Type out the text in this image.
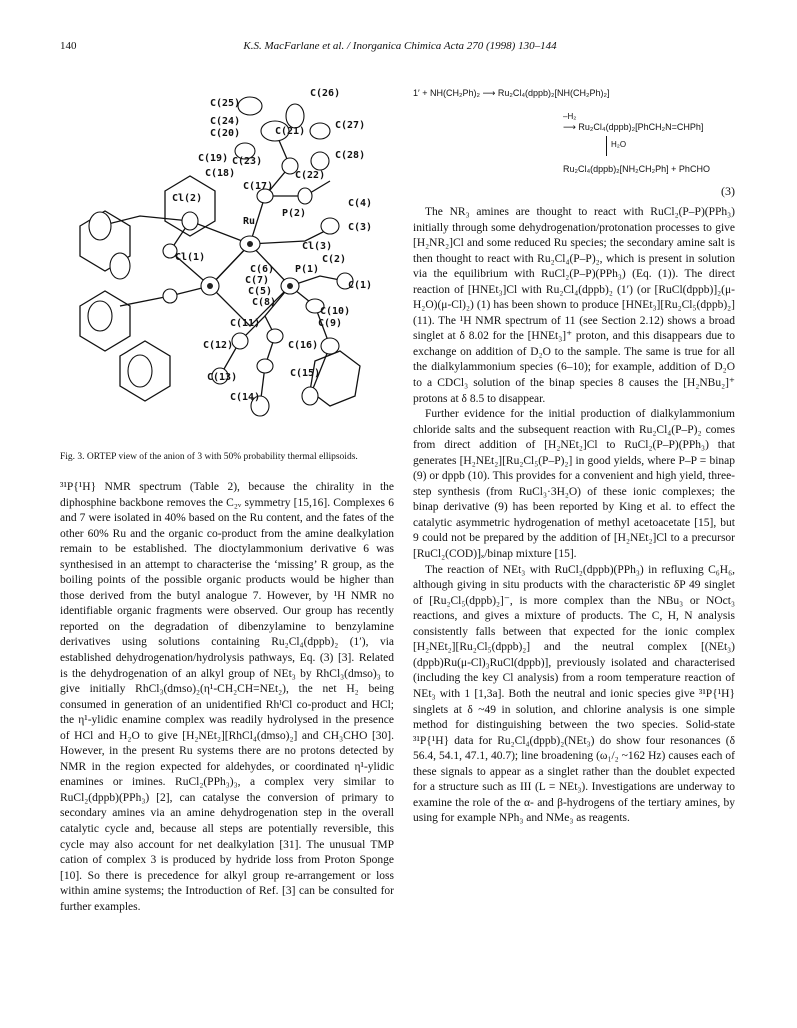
140	K.S. MacFarlane et al. / Inorganica Chimica Acta 270 (1998) 130–144
C(25)
C(26)
C(24)
C(20)	C(21)
C(27)
C(19) C(23)
C(28)
C(18)	C(22)
C(17)
Cl(2)	C(4)
P(2)
C(3)
Ru
Cl(3)
Cl(1)	C(2)
C(6) P(1)
C(7)	C(1)
C(5)
C(8)
C(10)
C(9)
C(11)
C(12)	C(16)
C(13)	C(15)
C(14)
Fig. 3. ORTEP view of the anion of 3 with 50% probability thermal ellipsoids.
1′ + NH(CH₂Ph)₂ ⟶ Ru₂Cl₄(dppb)₂[NH(CH₂Ph)₂]
–H₂
⟶ Ru₂Cl₄(dppb)₂[PhCH₂N=CHPh]
H₂O
Ru₂Cl₄(dppb)₂[NH₂CH₂Ph] + PhCHO
(3)

³¹P{¹H} NMR spectrum (Table 2), because the chirality in the diphosphine backbone removes the C₂ᵥ symmetry [15,16]. Complexes 6 and 7 were isolated in 40% based on the Ru content, and the fates of the other 60% Ru and the organic co-product from the amine dealkylation remain to be established. The dioctylammonium derivative 6 was synthesised in an attempt to characterise the ‘missing’ R group, as the boiling points of the possible organic products would be higher than those derived from the butyl analogue 7. However, by ¹H NMR no identifiable organic fragments were observed. Our group has recently reported on the degradation of dibenzylamine to benzylamine derivatives using solutions containing Ru₂Cl₄(dppb)₂ (1′), via established dehydrogenation/hydrolysis pathways, Eq. (3) [3]. Related is the dehydrogenation of an alkyl group of NEt₃ by RhCl₃(dmso)₃ to give initially RhCl₃(dmso)₂(η¹-CH₂CH=NEt₂), the net H₂ being consumed in generation of an unidentified RhᴵCl co-product and HCl; the η¹-ylidic enamine complex was readily hydrolysed in the presence of HCl and H₂O to give [H₂NEt₂][RhCl₄(dmso)₂] and CH₃CHO [30]. However, in the present Ru systems there are no protons detected by NMR in the region expected for aldehydes, or coordinated η¹-ylidic enamines or imines. RuCl₂(PPh₃)₃, a complex very similar to RuCl₂(dppb)(PPh₃) [2], can catalyse the conversion of primary to secondary amines via an amine dehydrogenation step in the overall catalytic cycle and, because all steps are potentially reversible, this cycle may also account for net dealkylation [31]. The unusual TMP cation of complex 3 is produced by hydride loss from Proton Sponge [10]. So there is precedence for alkyl group re-arrangement or loss within amine systems; the Introduction of Ref. [3] can be consulted for further examples.

The NR₃ amines are thought to react with RuCl₂(P–P)(PPh₃) initially through some dehydrogenation/protonation processes to give [H₂NR₂]Cl and some reduced Ru species; the secondary amine salt is then thought to react with Ru₂Cl₄(P–P)₂, which is present in solution via the equilibrium with RuCl₂(P–P)(PPh₃) (Eq. (1)). The direct reaction of [HNEt₃]Cl with Ru₂Cl₄(dppb)₂ (1′) (or [RuCl(dppb)]₂(μ-H₂O)(μ-Cl)₂) (1) has been shown to produce [HNEt₃][Ru₂Cl₅(dppb)₂] (11). The ¹H NMR spectrum of 11 (see Section 2.12) shows a broad singlet at δ 8.02 for the [HNEt₃]⁺ proton, and this disappears due to exchange on addition of D₂O to the sample. The same is true for all the dialkylammonium species (6–10); for example, addition of D₂O to a CDCl₃ solution of the binap species 8 causes the [H₂NBu₂]⁺ protons at δ 8.5 to disappear.

Further evidence for the initial production of dialkylammonium chloride salts and the subsequent reaction with Ru₂Cl₄(P–P)₂ comes from direct addition of [H₂NEt₂]Cl to RuCl₂(P–P)(PPh₃) that generates [H₂NEt₂][Ru₂Cl₅(P–P)₂] in good yields, where P–P = binap (9) or dppb (10). This provides for a convenient and high yield, three-step synthesis (from RuCl₃·3H₂O) of these ionic complexes; the binap derivative (9) has been reported by King et al. to effect the catalytic asymmetric hydrogenation of methyl acetoacetate [15], but 9 could not be prepared by the addition of [H₂NEt₂]Cl to a precursor [RuCl₂(COD)]ₓ/binap mixture [15].

The reaction of NEt₃ with RuCl₂(dppb)(PPh₃) in refluxing C₆H₆, although giving in situ products with the characteristic δP 49 singlet of [Ru₂Cl₅(dppb)₂]⁻, is more complex than the NBu₃ or NOct₃ reactions, and gives a mixture of products. The C, H, N analysis consistently falls between that expected for the ionic complex [H₂NEt₂][Ru₂Cl₅(dppb)₂] and the neutral complex [(NEt₃)(dppb)Ru(μ-Cl)₃RuCl(dppb)], previously isolated and characterised (including the key Cl analysis) from a room temperature reaction of NEt₃ with 1 [1,3a]. Both the neutral and ionic species give ³¹P{¹H} singlets at δ ~49 in solution, and chlorine analysis is one simple method for distinguishing between the two species. Solid-state ³¹P{¹H} data for Ru₂Cl₄(dppb)₂(NEt₃) do show four resonances (δ 56.4, 54.1, 47.1, 40.7); line broadening (ω₁/₂ ~162 Hz) causes each of these signals to appear as a singlet rather than the doublet expected for a structure such as III (L = NEt₃). Investigations are underway to examine the role of the α- and β-hydrogens of the tertiary amines, by using for example NPh₃ and NMe₃ as reagents.
